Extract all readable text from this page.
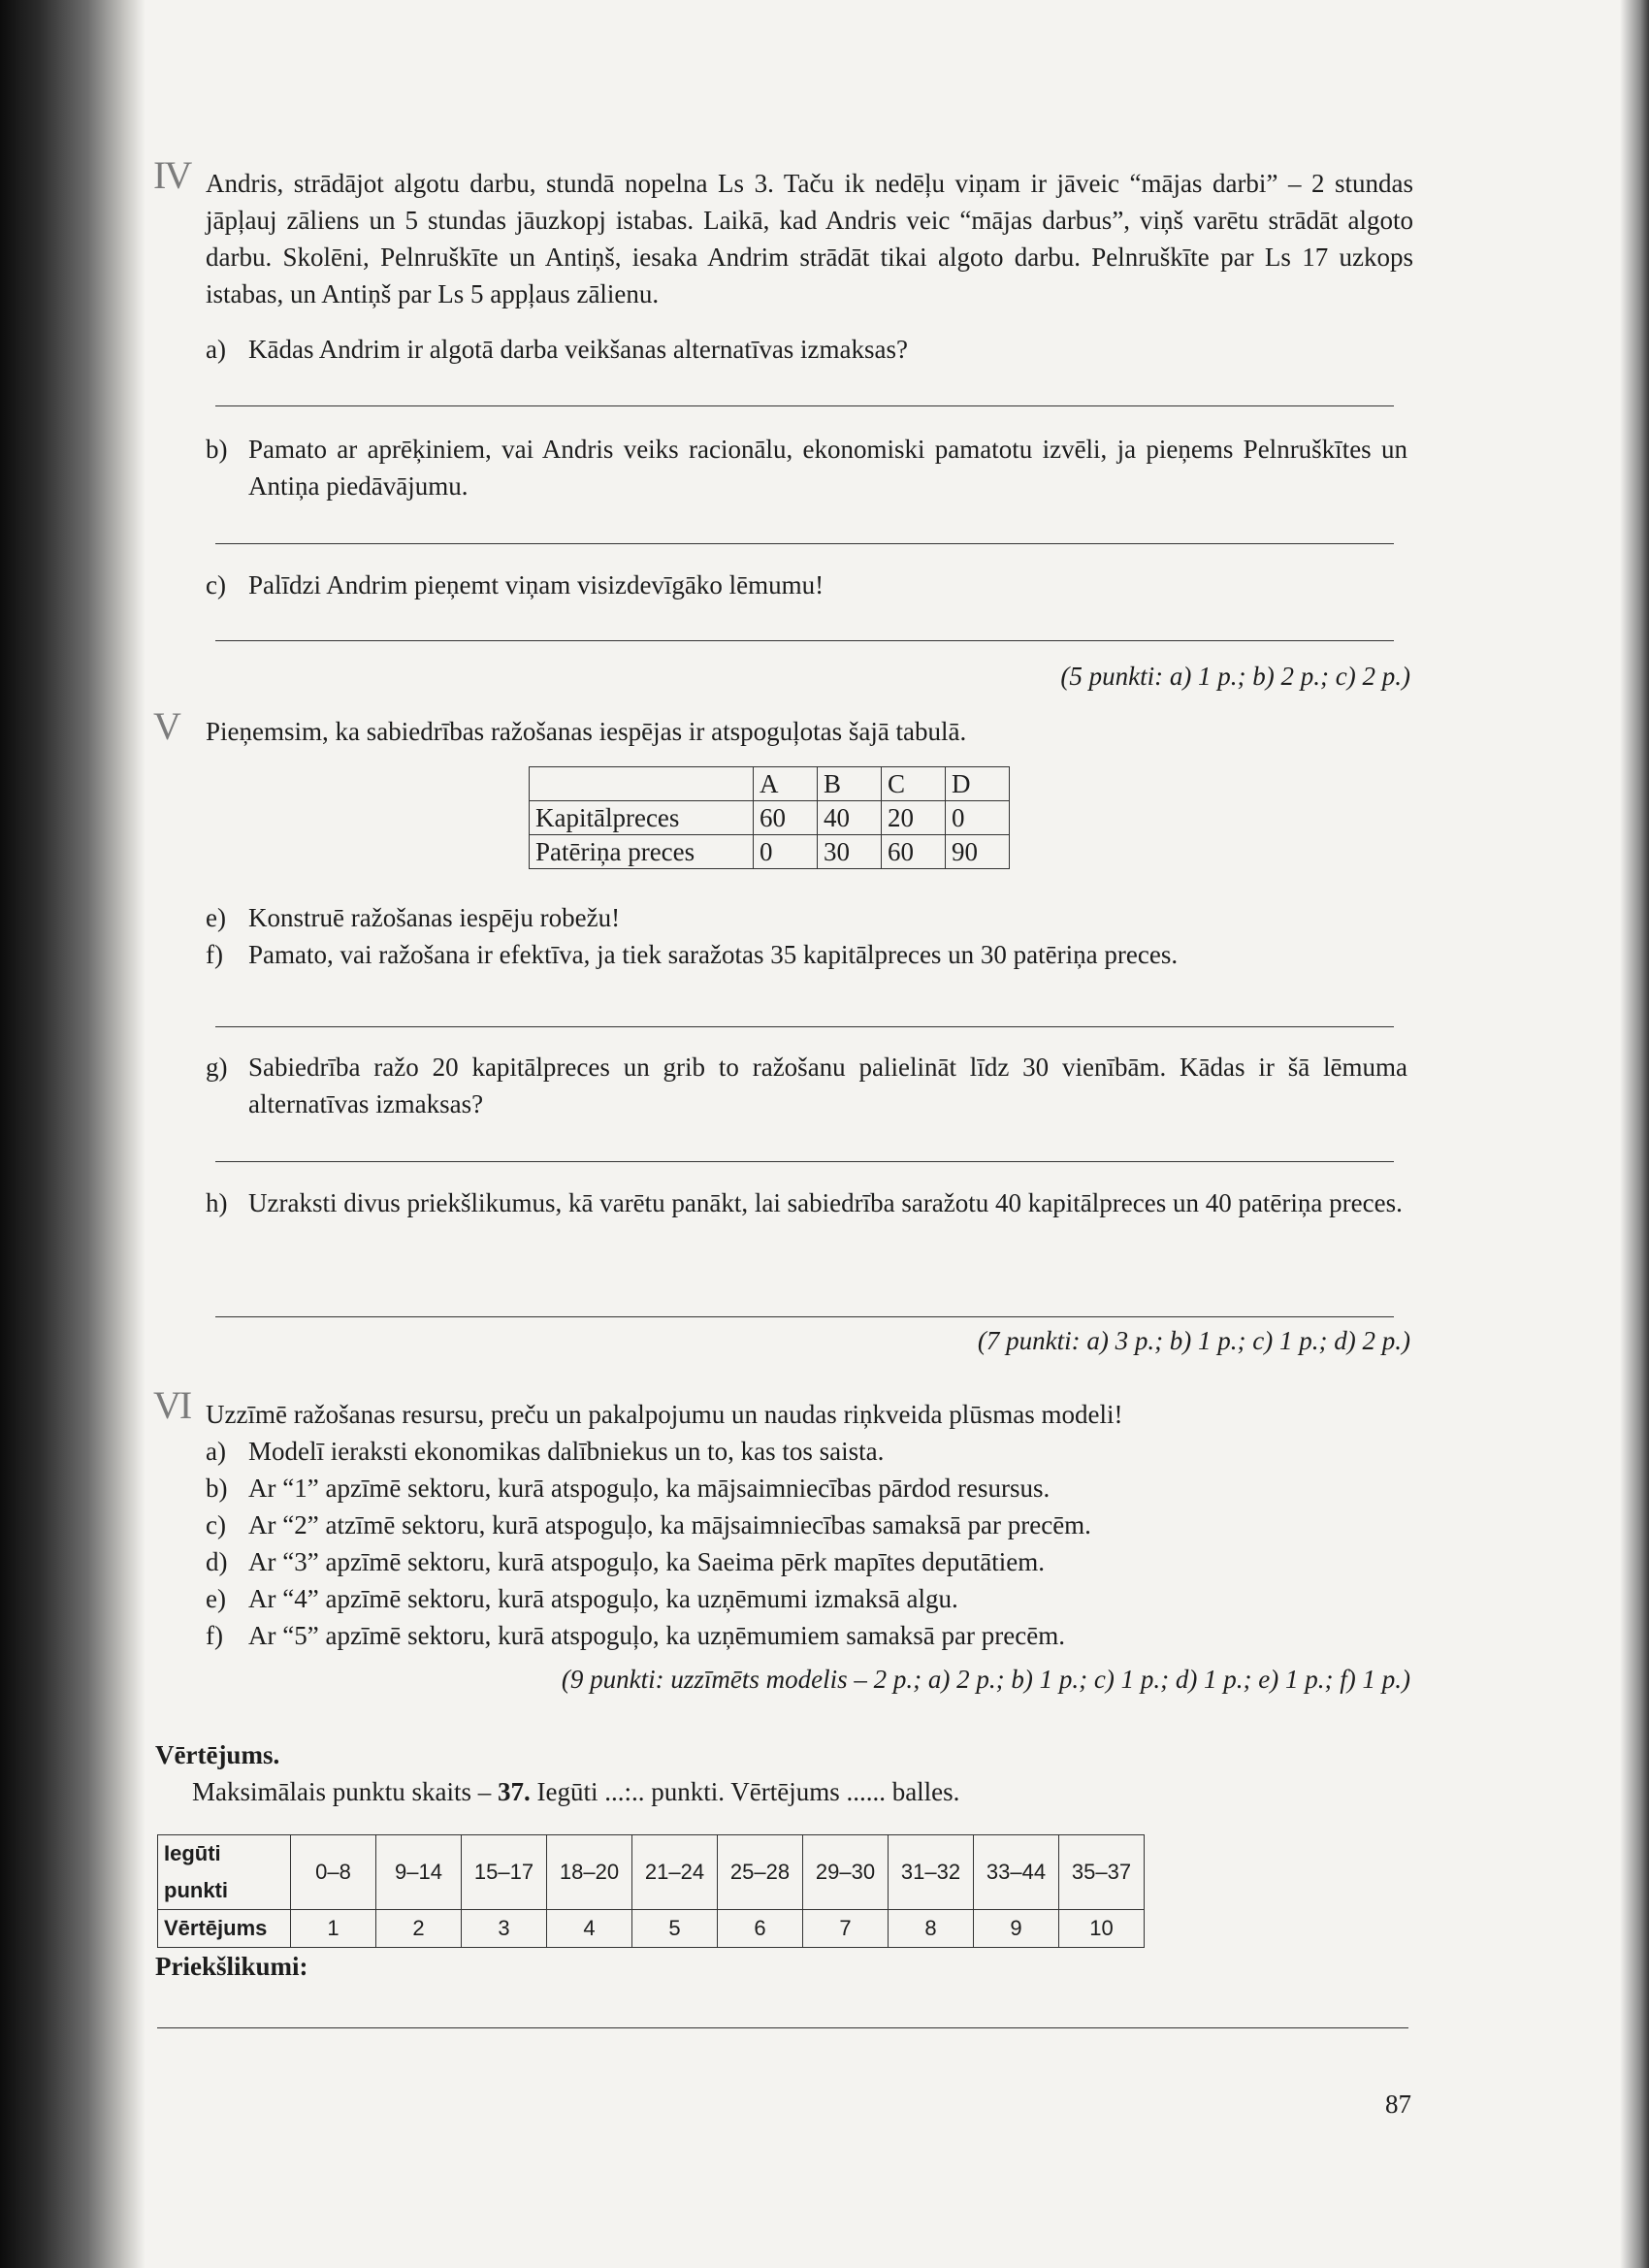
IV Andris, strādājot algotu darbu, stundā nopelna Ls 3. Taču ik nedēļu viņam ir jāveic “mājas darbi” – 2 stundas jāpļauj zāliens un 5 stundas jāuzkopj istabas. Laikā, kad Andris veic “mājas darbus”, viņš varētu strādāt algoto darbu. Skolēni, Pelnruškīte un Antiņš, iesaka Andrim strādāt tikai algoto darbu. Pelnruškīte par Ls 17 uzkops istabas, un Antiņš par Ls 5 appļaus zālienu.

a) Kādas Andrim ir algotā darba veikšanas alternatīvas izmaksas?
b) Pamato ar aprēķiniem, vai Andris veiks racionālu, ekonomiski pamatotu izvēli, ja pieņems Pelnruškītes un Antiņa piedāvājumu.
c) Palīdzi Andrim pieņemt viņam visizdevīgāko lēmumu!
(5 punkti: a) 1 p.; b) 2 p.; c) 2 p.)
V Pieņemsim, ka sabiedrības ražošanas iespējas ir atspoguļotas šajā tabulā.

	A	B	C	D
Kapitālpreces	60	40	20	0
Patēriņa preces	0	30	60	90
e) Konstruē ražošanas iespēju robežu!
f) Pamato, vai ražošana ir efektīva, ja tiek saražotas 35 kapitālpreces un 30 patēriņa preces.
g) Sabiedrība ražo 20 kapitālpreces un grib to ražošanu palielināt līdz 30 vienībām. Kādas ir šā lēmuma alternatīvas izmaksas?
h) Uzraksti divus priekšlikumus, kā varētu panākt, lai sabiedrība saražotu 40 kapitālpreces un 40 patēriņa preces.
(7 punkti: a) 3 p.; b) 1 p.; c) 1 p.; d) 2 p.)
VI Uzzīmē ražošanas resursu, preču un pakalpojumu un naudas riņkveida plūsmas modeli!

a) Modelī ieraksti ekonomikas dalībniekus un to, kas tos saista.
b) Ar “1” apzīmē sektoru, kurā atspoguļo, ka mājsaimniecības pārdod resursus.
c) Ar “2” atzīmē sektoru, kurā atspoguļo, ka mājsaimniecības samaksā par precēm.
d) Ar “3” apzīmē sektoru, kurā atspoguļo, ka Saeima pērk mapītes deputātiem.
e) Ar “4” apzīmē sektoru, kurā atspoguļo, ka uzņēmumi izmaksā algu.
f) Ar “5” apzīmē sektoru, kurā atspoguļo, ka uzņēmumiem samaksā par precēm.
(9 punkti: uzzīmēts modelis – 2 p.; a) 2 p.; b) 1 p.; c) 1 p.; d) 1 p.; e) 1 p.; f) 1 p.)
Vērtējums.
Maksimālais punktu skaits – 37. Iegūti ...:.. punkti. Vērtējums ...... balles.
Iegūti punkti	0–8	9–14	15–17	18–20	21–24	25–28	29–30	31–32	33–44	35–37
Vērtējums	1	2	3	4	5	6	7	8	9	10
Priekšlikumi:
87
